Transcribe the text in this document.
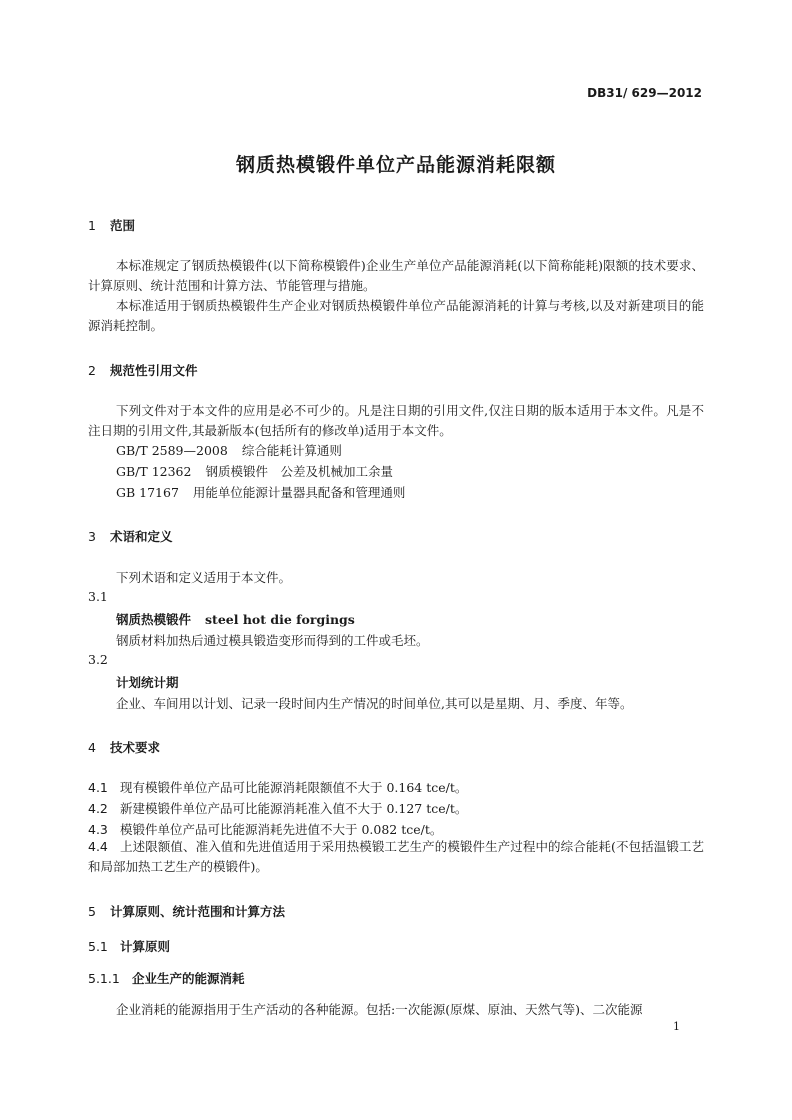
DB31/ 629—2012
钢质热模锻件单位产品能源消耗限额
1 范围
本标准规定了钢质热模锻件(以下简称模锻件)企业生产单位产品能源消耗(以下简称能耗)限额的技术要求、计算原则、统计范围和计算方法、节能管理与措施。
本标准适用于钢质热模锻件生产企业对钢质热模锻件单位产品能源消耗的计算与考核,以及对新建项目的能源消耗控制。
2 规范性引用文件
下列文件对于本文件的应用是必不可少的。凡是注日期的引用文件,仅注日期的版本适用于本文件。凡是不注日期的引用文件,其最新版本(包括所有的修改单)适用于本文件。
GB/T 2589—2008 综合能耗计算通则
GB/T 12362 钢质模锻件　公差及机械加工余量
GB 17167 用能单位能源计量器具配备和管理通则
3 术语和定义
下列术语和定义适用于本文件。
3.1
钢质热模锻件 steel hot die forgings
钢质材料加热后通过模具锻造变形而得到的工件或毛坯。
3.2
计划统计期
企业、车间用以计划、记录一段时间内生产情况的时间单位,其可以是星期、月、季度、年等。
4 技术要求
4.1 现有模锻件单位产品可比能源消耗限额值不大于 0.164 tce/t。
4.2 新建模锻件单位产品可比能源消耗准入值不大于 0.127 tce/t。
4.3 模锻件单位产品可比能源消耗先进值不大于 0.082 tce/t。
4.4 上述限额值、准入值和先进值适用于采用热模锻工艺生产的模锻件生产过程中的综合能耗(不包括温锻工艺和局部加热工艺生产的模锻件)。
5 计算原则、统计范围和计算方法
5.1 计算原则
5.1.1 企业生产的能源消耗
企业消耗的能源指用于生产活动的各种能源。包括:一次能源(原煤、原油、天然气等)、二次能源
1
